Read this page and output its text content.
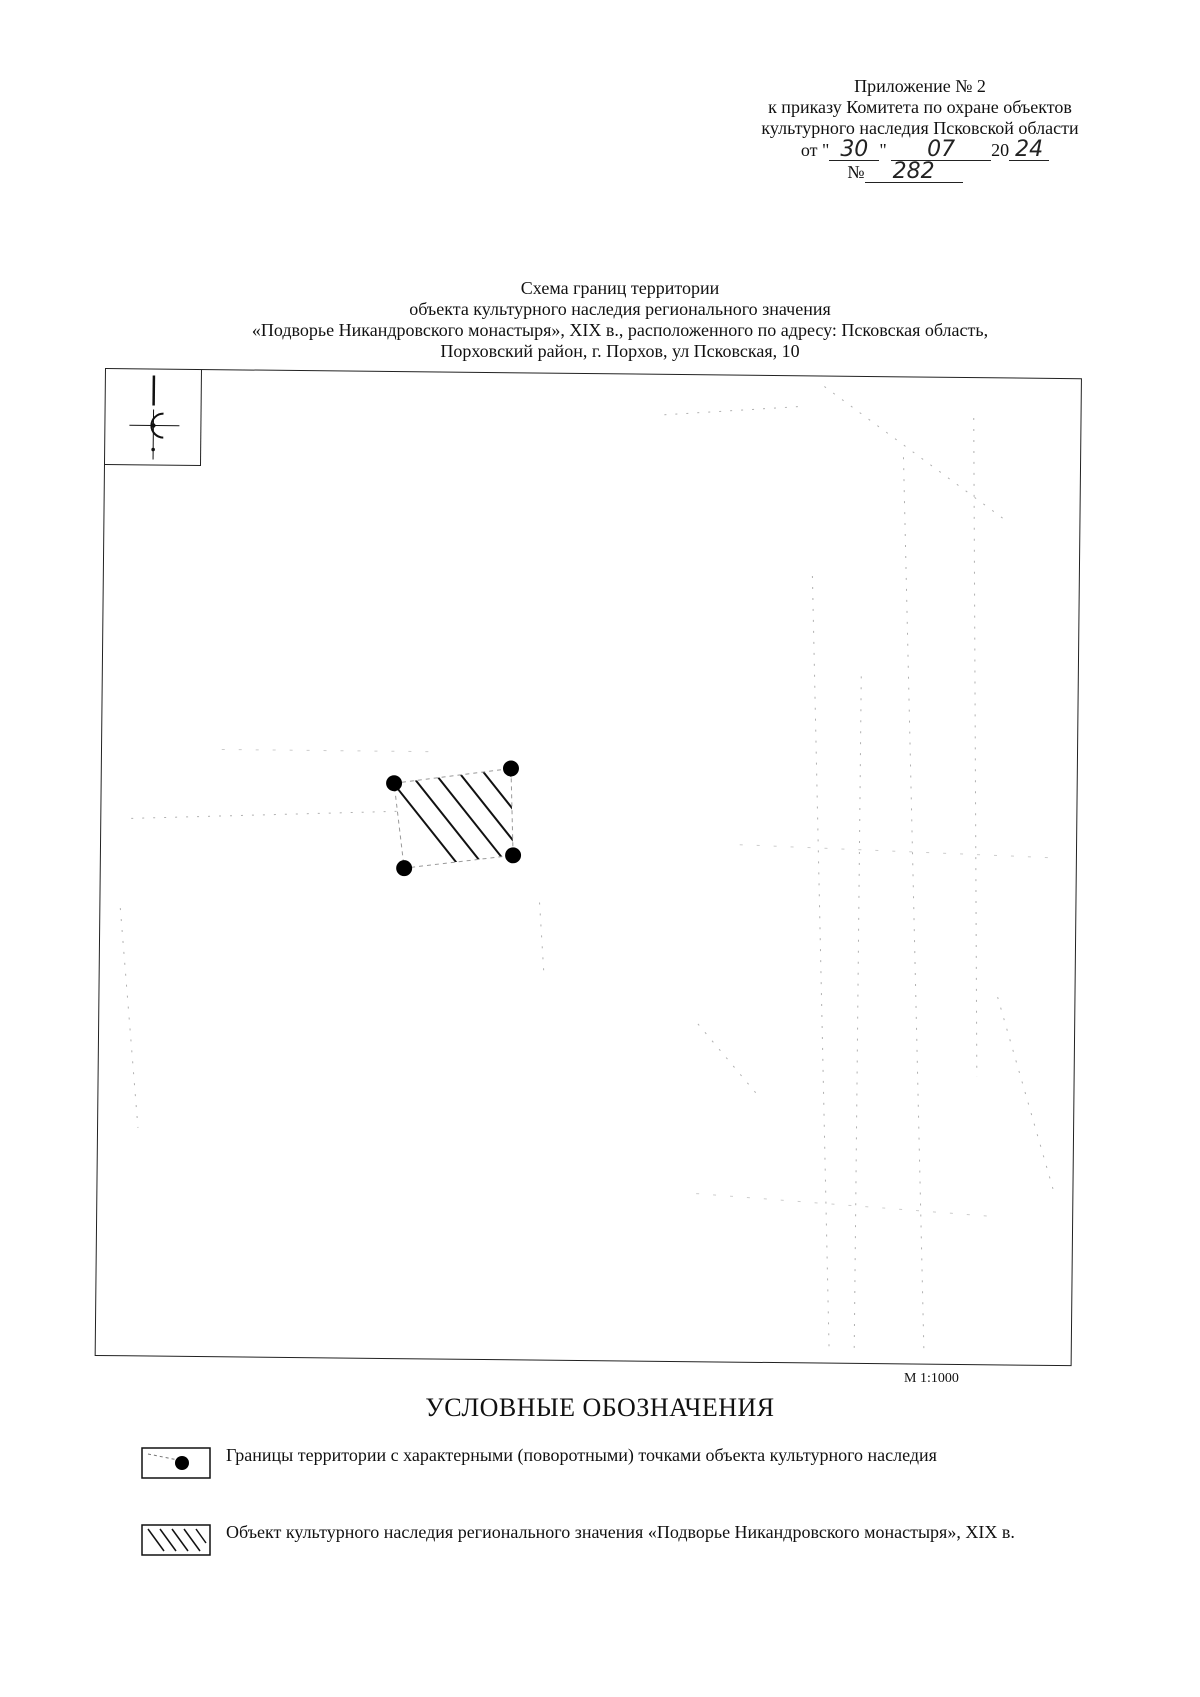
Приложение № 2
к приказу Комитета по охране объектов
культурного наследия Псковской области
от " 30 " 07 20 24
№ 282
Схема границ территории
объекта культурного наследия регионального значения
«Подворье Никандровского монастыря», XIX в., расположенного по адресу: Псковская область,
Порховский район, г. Порхов, ул Псковская, 10
М 1:1000
УСЛОВНЫЕ ОБОЗНАЧЕНИЯ
Границы территории с характерными (поворотными) точками объекта культурного наследия
Объект культурного наследия регионального значения «Подворье Никандровского монастыря», XIX в.
